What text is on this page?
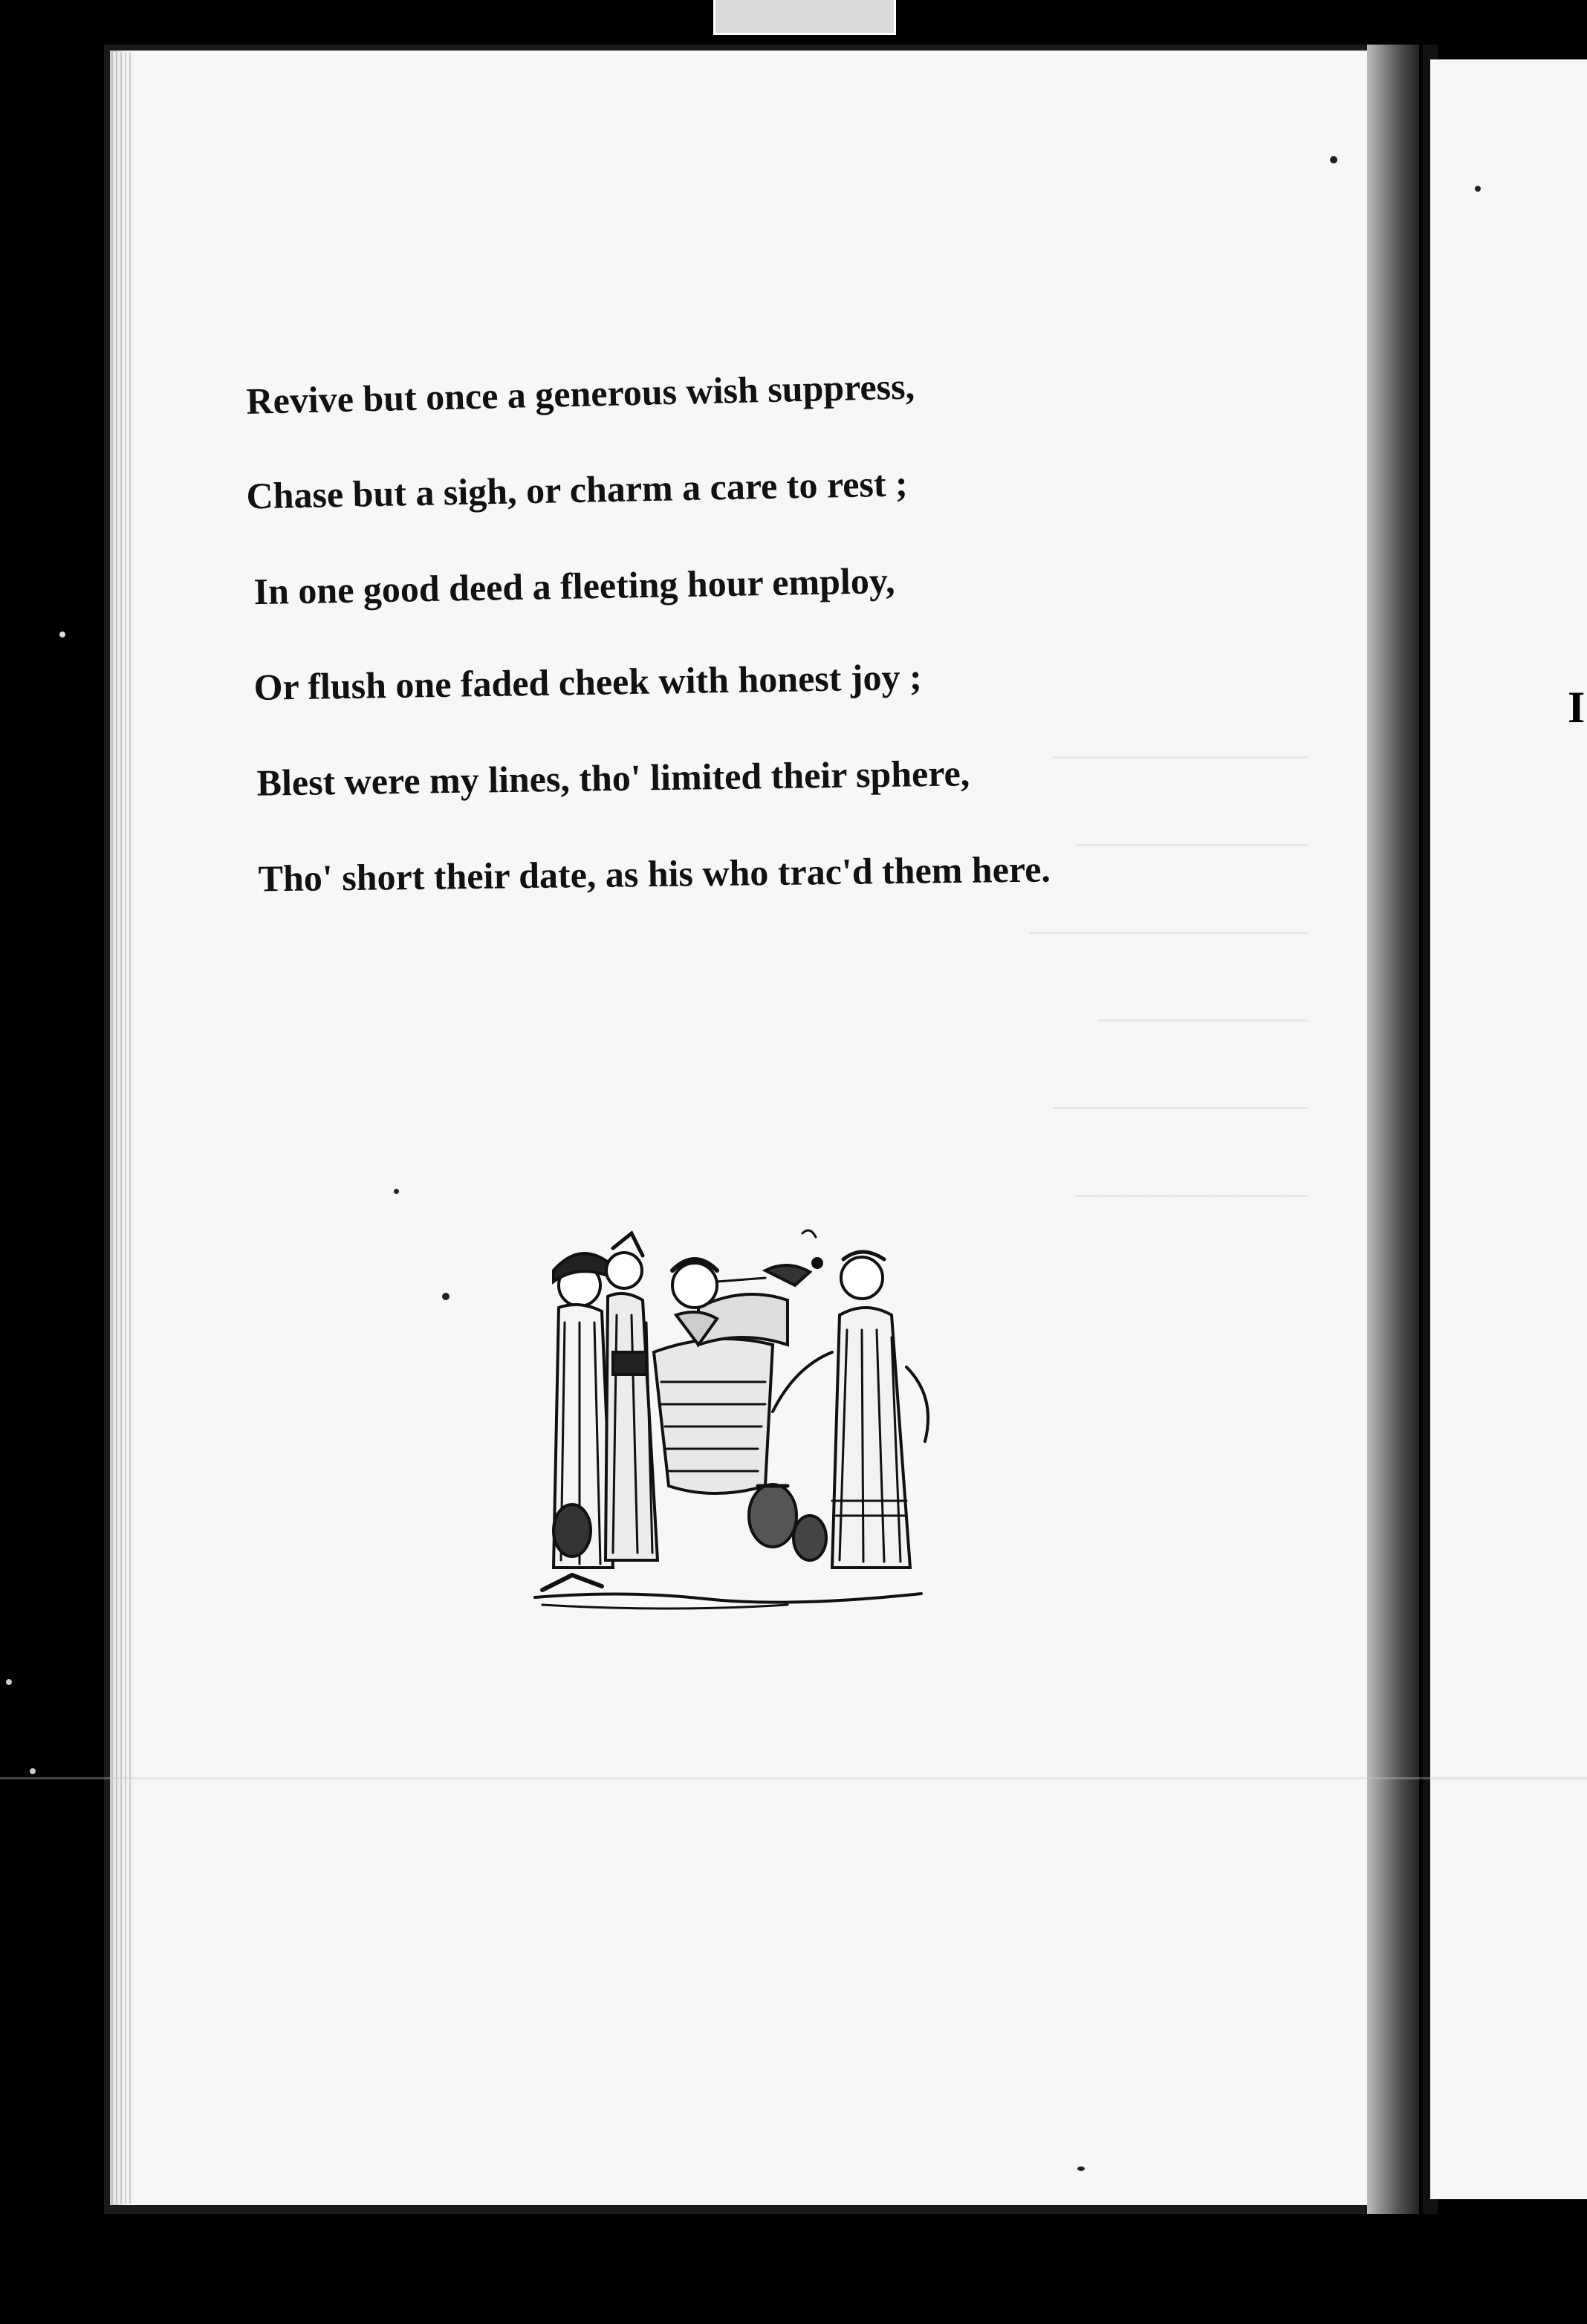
I
───────────
──────────
────────────
─────────
───────────
──────────
Revive but once a generous wish suppress,
Chase but a sigh, or charm a care to rest ;
In one good deed a fleeting hour employ,
Or flush one faded cheek with honest joy ;
Blest were my lines, tho' limited their sphere,
Tho' short their date, as his who trac'd them here.
